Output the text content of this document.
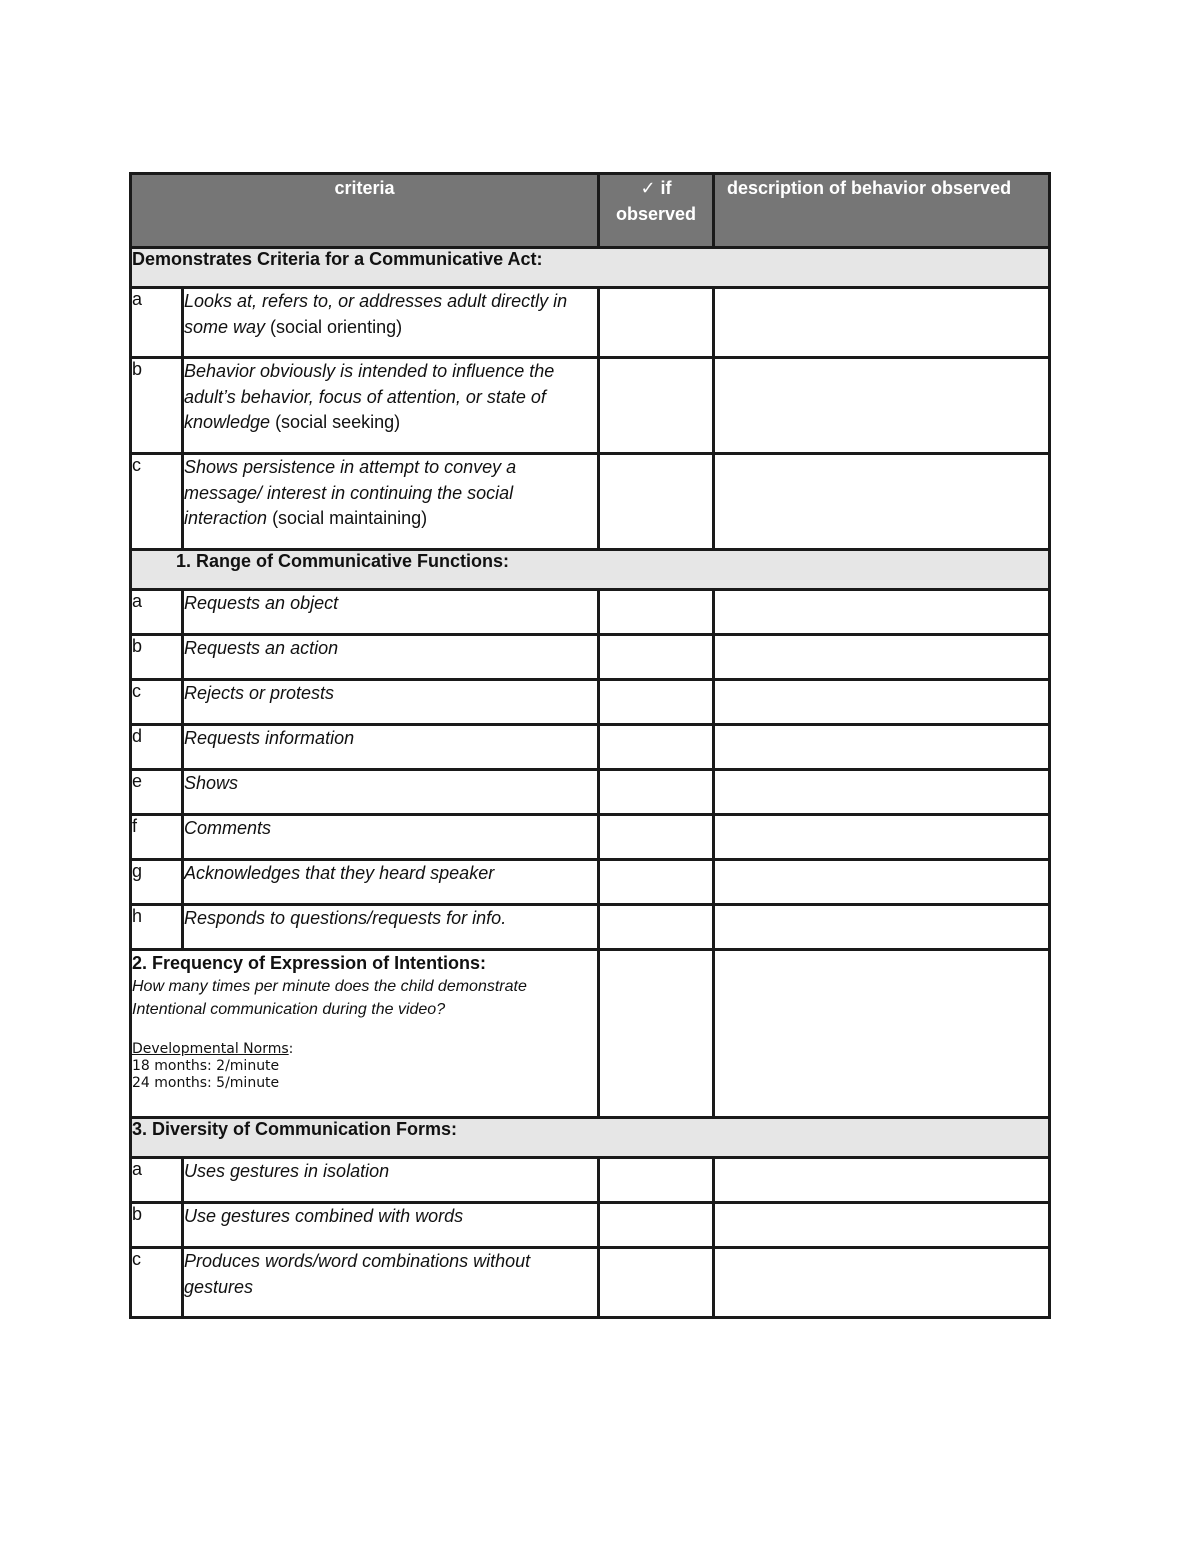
criteria		✓ if observed	description of behavior observed
Demonstrates Criteria for a Communicative Act:			
a	Looks at, refers to, or addresses adult directly in some way (social orienting)		
b	Behavior obviously is intended to influence the adult’s behavior, focus of attention, or state of knowledge (social seeking)		
c	Shows persistence in attempt to convey a message/ interest in continuing the social interaction (social maintaining)		
1. Range of Communicative Functions:			
a	Requests an object		
b	Requests an action		
c	Rejects or protests		
d	Requests information		
e	Shows		
f	Comments		
g	Acknowledges that they heard speaker		
h	Responds to questions/requests for info.		

2. Frequency of Expression of Intentions:
How many times per minute does the child demonstrate Intentional communication during the video?
Developmental Norms:
18 months: 2/minute
24 months: 5/minute			

3. Diversity of Communication Forms:			
a	Uses gestures in isolation		
b	Use gestures combined with words		
c	Produces words/word combinations without gestures		
